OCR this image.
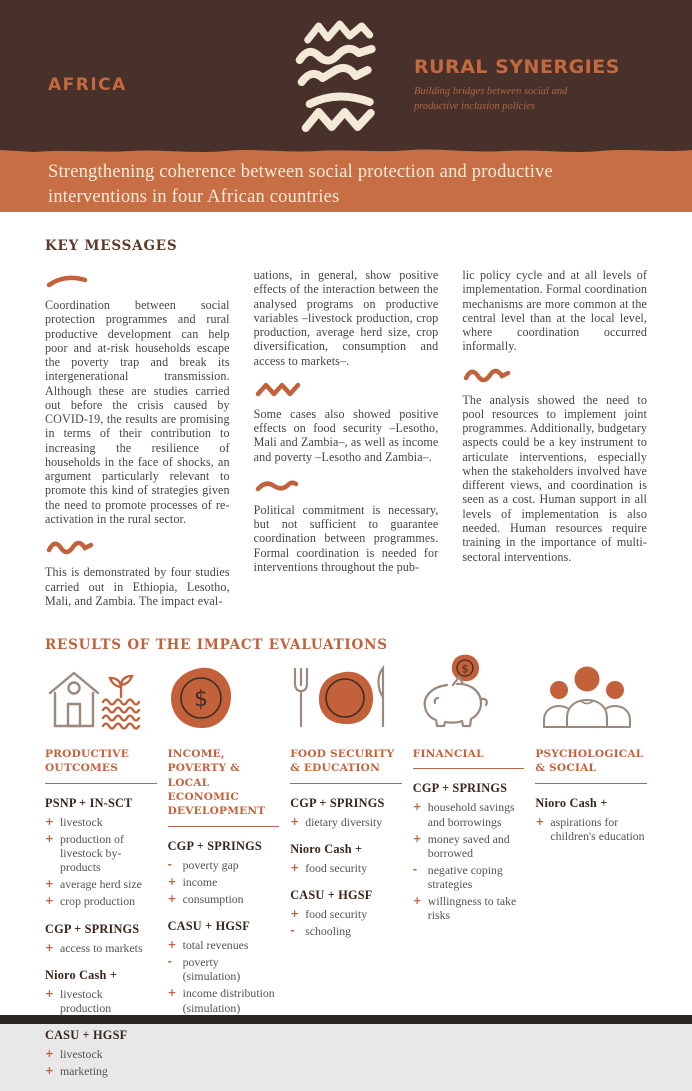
AFRICA
RURAL SYNERGIES
Building bridges between social and productive inclusion policies
Strengthening coherence between social protection and productive interventions in four African countries
KEY MESSAGES

Coordination between social protection programmes and rural productive development can help poor and at-risk households escape the poverty trap and break its intergenerational transmission. Although these are studies carried out before the crisis caused by COVID-19, the results are promising in terms of their contribution to increasing the resilience of households in the face of shocks, an argument particularly relevant to promote this kind of strategies given the need to promote processes of re-activation in the rural sector.

This is demonstrated by four studies carried out in Ethiopia, Lesotho, Mali, and Zambia. The impact eval-

uations, in general, show positive effects of the interaction between the analysed programs on productive variables –livestock production, crop production, average herd size, crop diversification, consumption and access to markets–.

Some cases also showed positive effects on food security –Lesotho, Mali and Zambia–, as well as income and poverty –Lesotho and Zambia–.

Political commitment is necessary, but not sufficient to guarantee coordination between programmes. Formal coordination is needed for interventions throughout the pub-

lic policy cycle and at all levels of implementation. Formal coordination mechanisms are more common at the central level than at the local level, where coordination occurred informally.

The analysis showed the need to pool resources to implement joint programmes. Additionally, budgetary aspects could be a key instrument to articulate interventions, especially when the stakeholders involved have different views, and coordination is seen as a cost. Human support in all levels of implementation is also needed. Human resources require training in the importance of multi-sectoral interventions.

RESULTS OF THE IMPACT EVALUATIONS
PRODUCTIVE OUTCOMES
PSNP + IN-SCT
+ livestock
+ production of livestock by-products
+ average herd size
+ crop production
CGP + SPRINGS
+ access to markets
Nioro Cash +
+ livestock production
CASU + HGSF
+ livestock
+ marketing
$
INCOME, POVERTY & LOCAL ECONOMIC DEVELOPMENT
CGP + SPRINGS
- poverty gap
+ income
+ consumption
CASU + HGSF
+ total revenues
- poverty (simulation)
+ income distribution (simulation)
FOOD SECURITY & EDUCATION
CGP + SPRINGS
+ dietary diversity
Nioro Cash +
+ food security
CASU + HGSF
+ food security
- schooling
$
FINANCIAL
CGP + SPRINGS
+ household savings and borrowings
+ money saved and borrowed
- negative coping strategies
+ willingness to take risks
PSYCHOLOGICAL & SOCIAL
Nioro Cash +
+ aspirations for children's education
